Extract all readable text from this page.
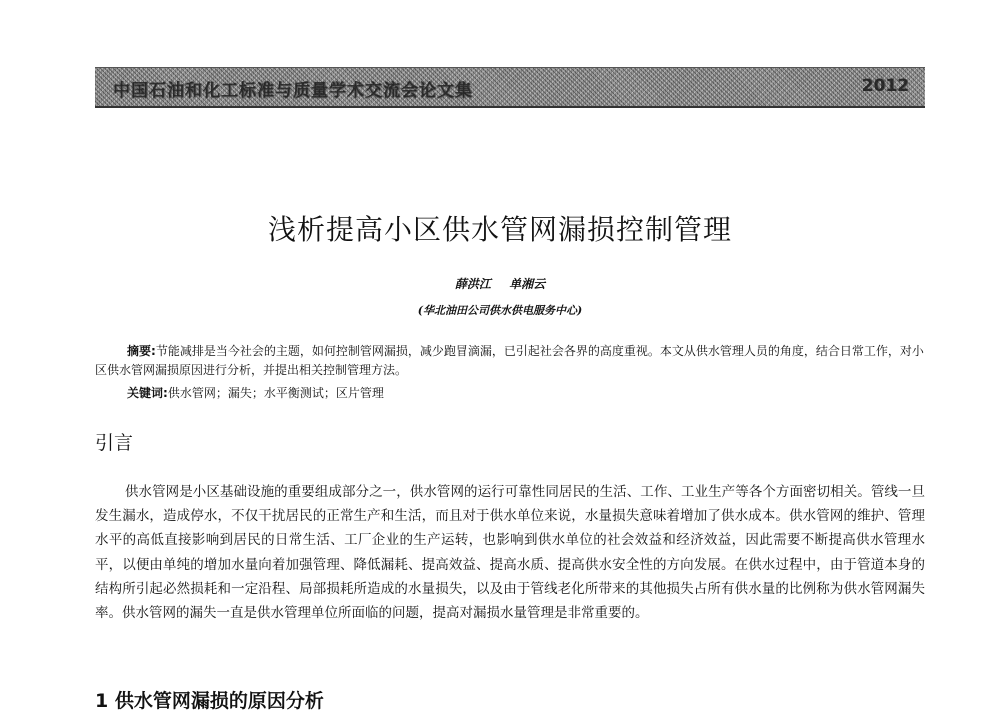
中国石油和化工标准与质量学术交流会论文集	2012
浅析提高小区供水管网漏损控制管理
薛洪江 单湘云
(华北油田公司供水供电服务中心)

摘要:节能减排是当今社会的主题，如何控制管网漏损，减少跑冒滴漏，已引起社会各界的高度重视。本文从供水管理人员的角度，结合日常工作，对小区供水管网漏损原因进行分析，并提出相关控制管理方法。

关键词:供水管网；漏失；水平衡测试；区片管理
引言

供水管网是小区基础设施的重要组成部分之一，供水管网的运行可靠性同居民的生活、工作、工业生产等各个方面密切相关。管线一旦发生漏水，造成停水，不仅干扰居民的正常生产和生活，而且对于供水单位来说，水量损失意味着增加了供水成本。供水管网的维护、管理水平的高低直接影响到居民的日常生活、工厂企业的生产运转，也影响到供水单位的社会效益和经济效益，因此需要不断提高供水管理水平，以便由单纯的增加水量向着加强管理、降低漏耗、提高效益、提高水质、提高供水安全性的方向发展。在供水过程中，由于管道本身的结构所引起必然损耗和一定沿程、局部损耗所造成的水量损失，以及由于管线老化所带来的其他损失占所有供水量的比例称为供水管网漏失率。供水管网的漏失一直是供水管理单位所面临的问题，提高对漏损水量管理是非常重要的。

1 供水管网漏损的原因分析
